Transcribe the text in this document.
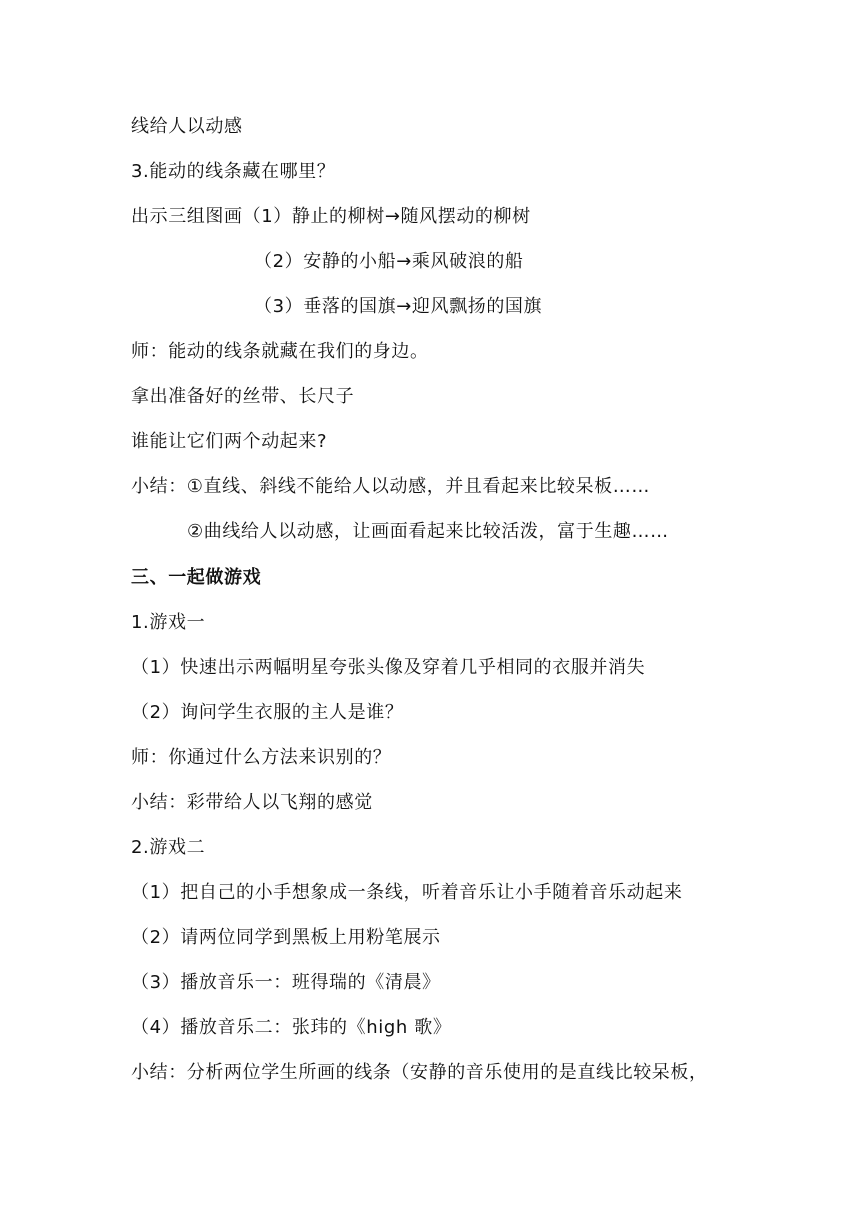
线给人以动感
3.能动的线条藏在哪里？
出示三组图画（1）静止的柳树→随风摆动的柳树
（2）安静的小船→乘风破浪的船
（3）垂落的国旗→迎风飘扬的国旗
师：能动的线条就藏在我们的身边。
拿出准备好的丝带、长尺子
谁能让它们两个动起来?
小结：①直线、斜线不能给人以动感，并且看起来比较呆板……
②曲线给人以动感，让画面看起来比较活泼，富于生趣……
三、一起做游戏
1.游戏一
（1）快速出示两幅明星夸张头像及穿着几乎相同的衣服并消失
（2）询问学生衣服的主人是谁？
师：你通过什么方法来识别的？
小结：彩带给人以飞翔的感觉
2.游戏二
（1）把自己的小手想象成一条线，听着音乐让小手随着音乐动起来
（2）请两位同学到黑板上用粉笔展示
（3）播放音乐一：班得瑞的《清晨》
（4）播放音乐二：张玮的《high 歌》
小结：分析两位学生所画的线条（安静的音乐使用的是直线比较呆板，
